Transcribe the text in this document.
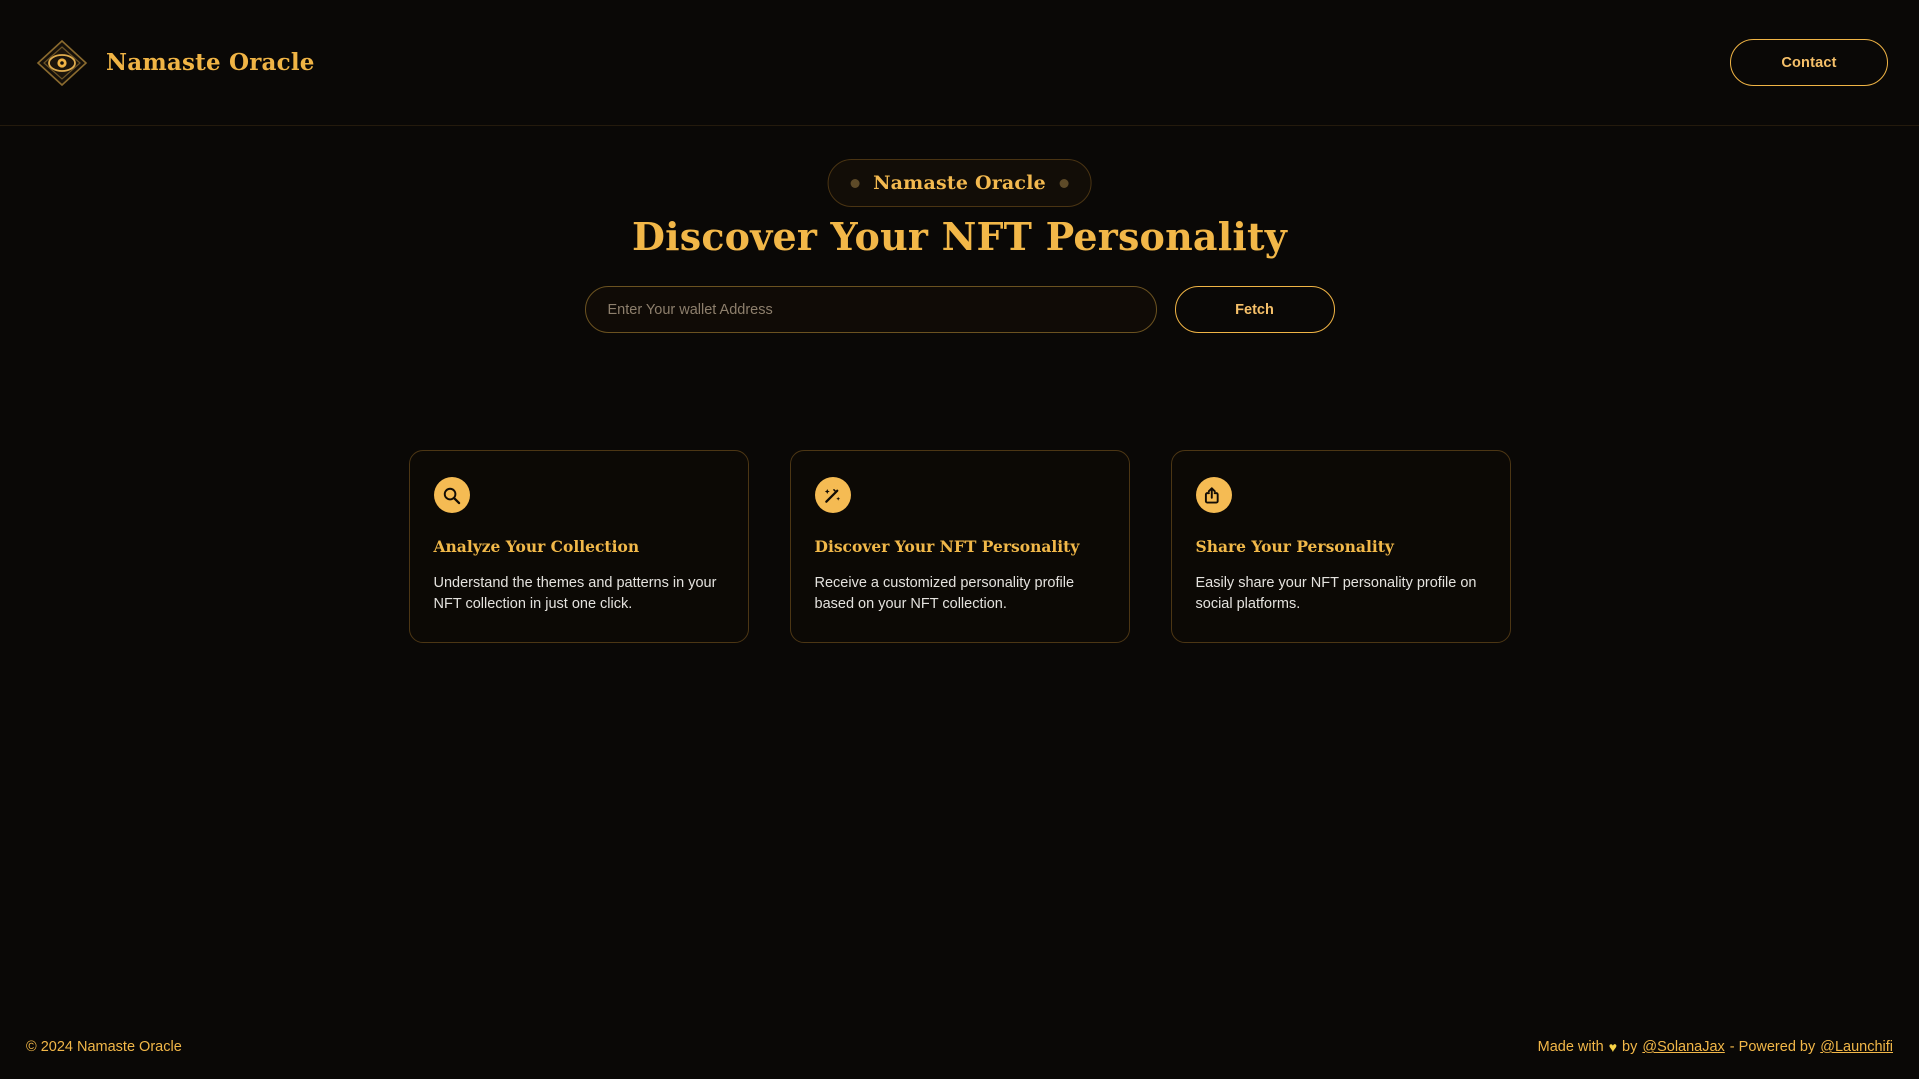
Namaste Oracle	Contact
Namaste Oracle
Discover Your NFT Personality
Enter Your wallet Address
Fetch
Analyze Your Collection
Understand the themes and patterns in your NFT collection in just one click.
Discover Your NFT Personality
Receive a customized personality profile based on your NFT collection.
Share Your Personality
Easily share your NFT personality profile on social platforms.
© 2024 Namaste Oracle	Made with ♥ by @SolanaJax - Powered by @Launchifi
